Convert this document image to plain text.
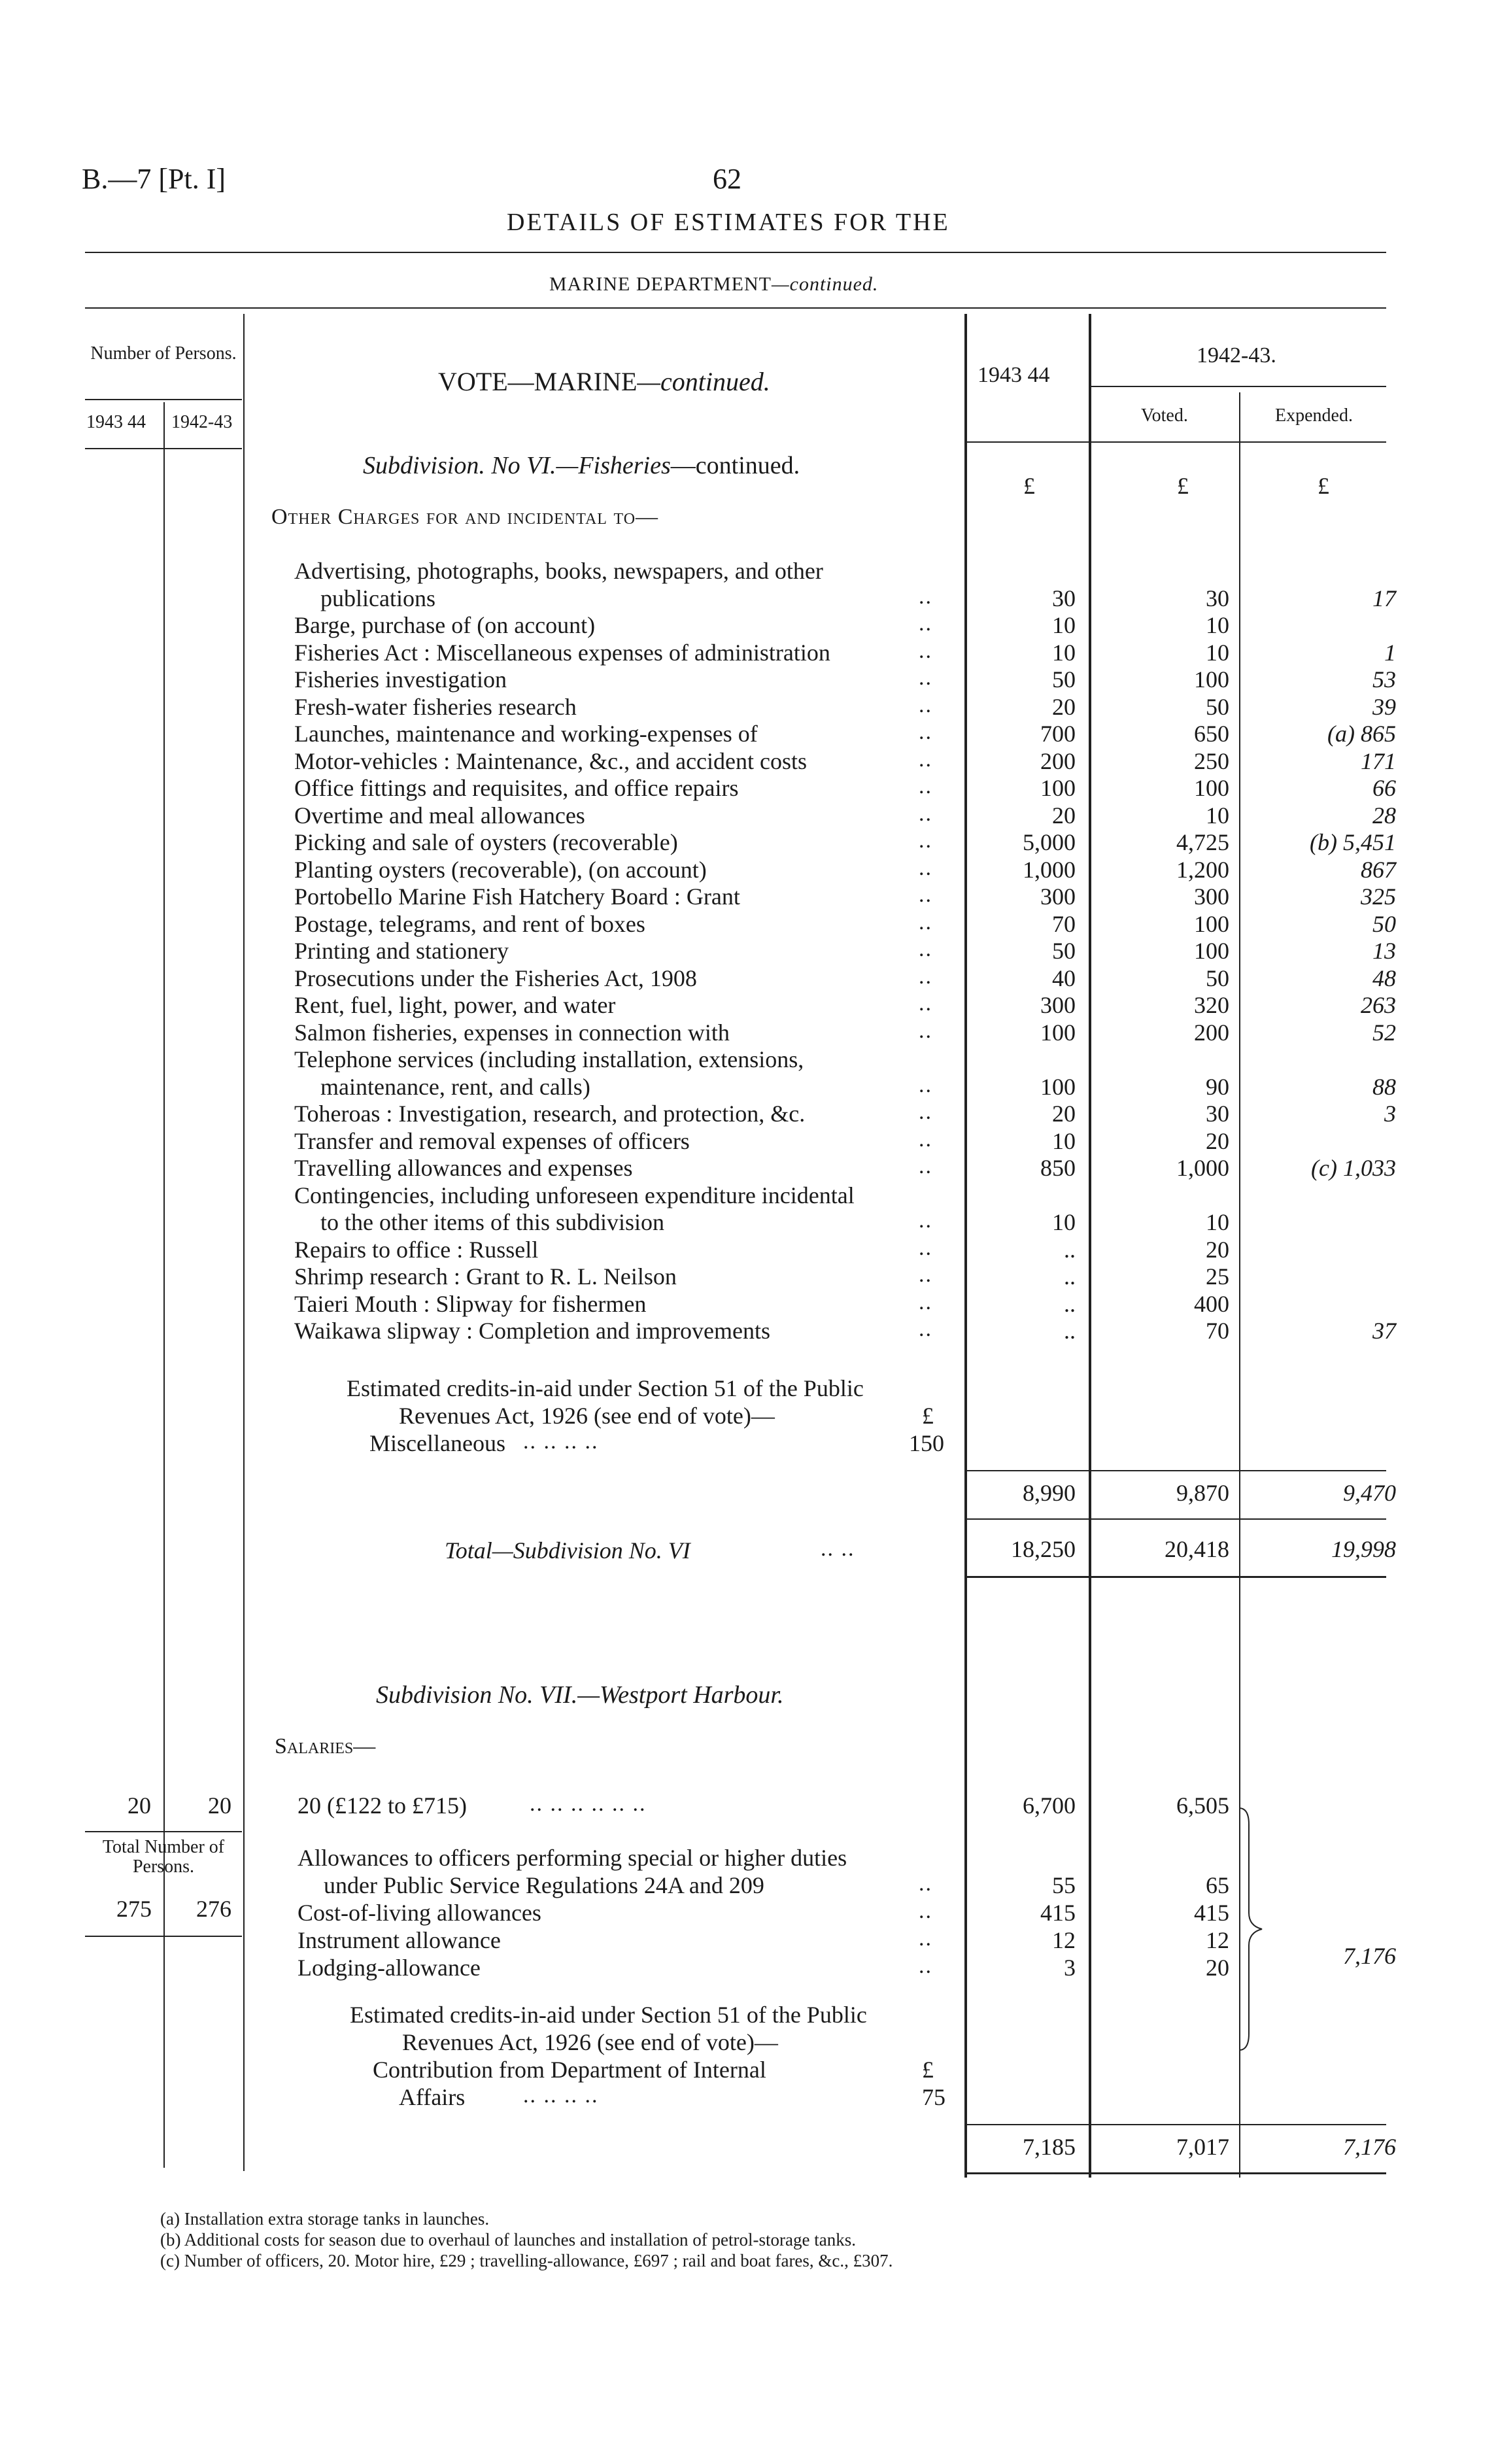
B.—7 [Pt. I]	62
DETAILS OF ESTIMATES FOR THE
MARINE DEPARTMENT—continued.
Number of Persons.
1943 44 1942-43
VOTE—MARINE—continued.	1943 44
1942-43.
Voted.	Expended.
Subdivision. No VI.—Fisheries—continued.
£	£	£
Other Charges for and incidental to—
Advertising, photographs, books, newspapers, and other
publications	..	30	30	17
Barge, purchase of (on account)	..	10	10
Fisheries Act : Miscellaneous expenses of administration	..	10	10	1
Fisheries investigation	..	50	100	53
Fresh-water fisheries research	..	20	50	39
Launches, maintenance and working-expenses of	..	700	650	(a) 865
Motor-vehicles : Maintenance, &c., and accident costs	..	200	250	171
Office fittings and requisites, and office repairs	..	100	100	66
Overtime and meal allowances	..	20	10	28
Picking and sale of oysters (recoverable)	..	5,000	4,725	(b) 5,451
Planting oysters (recoverable), (on account)	..	1,000	1,200	867
Portobello Marine Fish Hatchery Board : Grant	..	300	300	325
Postage, telegrams, and rent of boxes	..	70	100	50
Printing and stationery	..	50	100	13
Prosecutions under the Fisheries Act, 1908	..	40	50	48
Rent, fuel, light, power, and water	..	300	320	263
Salmon fisheries, expenses in connection with	..	100	200	52
Telephone services (including installation, extensions,
maintenance, rent, and calls)	..	100	90	88
Toheroas : Investigation, research, and protection, &c.	..	20	30	3
Transfer and removal expenses of officers	..	10	20
Travelling allowances and expenses	..	850	1,000	(c) 1,033
Contingencies, including unforeseen expenditure incidental
to the other items of this subdivision	..	10	10
Repairs to office : Russell	..	..	20
Shrimp research : Grant to R. L. Neilson	..	..	25
Taieri Mouth : Slipway for fishermen	..	..	400
Waikawa slipway : Completion and improvements	..	..	70	37
Estimated credits-in-aid under Section 51 of the Public
Revenues Act, 1926 (see end of vote)—	£
Miscellaneous .. .. .. ..	150
8,990	9,870	9,470
Total—Subdivision No. VI	.. ..	18,250	20,418	19,998
Subdivision No. VII.—Westport Harbour.
Salaries—
20 20	20 (£122 to £715)	.. .. .. .. .. ..	6,700	6,505
Total Number of Persons.
275 276
Allowances to officers performing special or higher duties
under Public Service Regulations 24A and 209	..	55	65
Cost-of-living allowances	..	415	415
Instrument allowance	..	12	12
Lodging-allowance	..	3	20	7,176
Estimated credits-in-aid under Section 51 of the Public
Revenues Act, 1926 (see end of vote)—
Contribution from Department of Internal	£
Affairs	.. .. .. ..	75
7,185	7,017	7,176
(a) Installation extra storage tanks in launches.
(b) Additional costs for season due to overhaul of launches and installation of petrol-storage tanks.
(c) Number of officers, 20. Motor hire, £29 ; travelling-allowance, £697 ; rail and boat fares, &c., £307.
